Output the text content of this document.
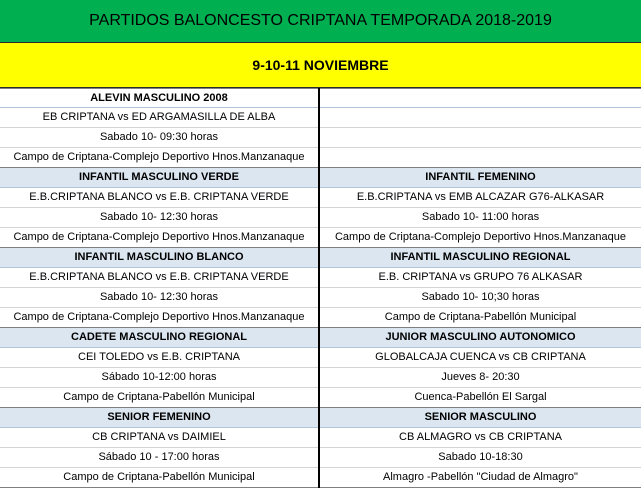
PARTIDOS BALONCESTO CRIPTANA TEMPORADA 2018-2019
9-10-11 NOVIEMBRE
ALEVIN MASCULINO 2008
EB CRIPTANA vs ED ARGAMASILLA DE ALBA
Sabado 10- 09:30 horas
Campo de Criptana-Complejo Deportivo Hnos.Manzanaque
INFANTIL MASCULINO VERDE
E.B.CRIPTANA BLANCO vs E.B. CRIPTANA VERDE
Sabado 10- 12:30 horas
Campo de Criptana-Complejo Deportivo Hnos.Manzanaque
INFANTIL MASCULINO BLANCO
E.B.CRIPTANA BLANCO vs E.B. CRIPTANA VERDE
Sabado 10- 12:30 horas
Campo de Criptana-Complejo Deportivo Hnos.Manzanaque
CADETE MASCULINO REGIONAL
CEI TOLEDO vs E.B. CRIPTANA
Sábado 10-12:00 horas
Campo de Criptana-Pabellón Municipal
SENIOR FEMENINO
CB CRIPTANA vs DAIMIEL
Sábado 10 - 17:00 horas
Campo de Criptana-Pabellón Municipal
INFANTIL FEMENINO
E.B.CRIPTANA vs EMB ALCAZAR G76-ALKASAR
Sabado 10- 11:00 horas
Campo de Criptana-Complejo Deportivo Hnos.Manzanaque
INFANTIL MASCULINO REGIONAL
E.B. CRIPTANA vs GRUPO 76 ALKASAR
Sabado 10- 10;30 horas
Campo de Criptana-Pabellón Municipal
JUNIOR MASCULINO AUTONOMICO
GLOBALCAJA CUENCA vs CB CRIPTANA
Jueves 8- 20:30
Cuenca-Pabellón El Sargal
SENIOR MASCULINO
CB ALMAGRO vs CB CRIPTANA
Sabado 10-18:30
Almagro -Pabellón "Ciudad de Almagro"
